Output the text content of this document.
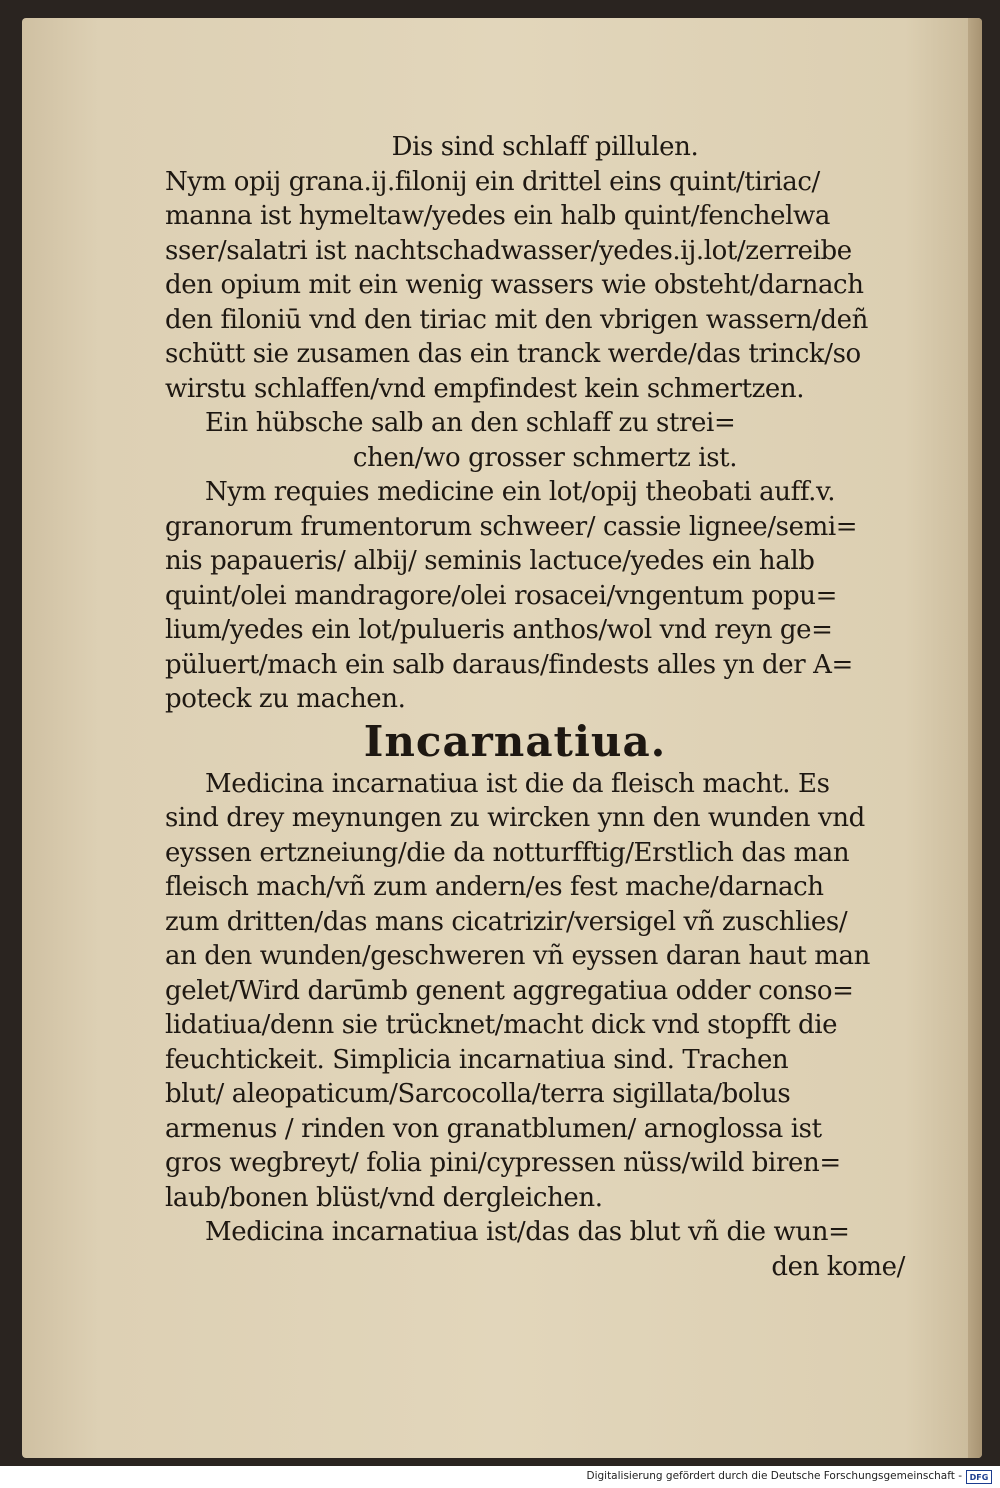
Dis sind schlaff pillulen.
Nym opij grana.ij.filonij ein drittel eins quint/tiriac/
manna ist hymeltaw/yedes ein halb quint/fenchelwa
sser/salatri ist nachtschadwasser/yedes.ij.lot/zerreibe
den opium mit ein wenig wassers wie obsteht/darnach
den filoniū vnd den tiriac mit den vbrigen wassern/deñ
schütt sie zusamen das ein tranck werde/das trinck/so
wirstu schlaffen/vnd empfindest kein schmertzen.
Ein hübsche salb an den schlaff zu strei=
chen/wo grosser schmertz ist.
Nym requies medicine ein lot/opij theobati auff.v.
granorum frumentorum schweer/ cassie lignee/semi=
nis papaueris/ albij/ seminis lactuce/yedes ein halb
quint/olei mandragore/olei rosacei/vngentum popu=
lium/yedes ein lot/pulueris anthos/wol vnd reyn ge=
püluert/mach ein salb daraus/findests alles yn der A=
poteck zu machen.
Incarnatiua.
Medicina incarnatiua ist die da fleisch macht. Es
sind drey meynungen zu wircken ynn den wunden vnd
eyssen ertzneiung/die da notturfftig/Erstlich das man
fleisch mach/vñ zum andern/es fest mache/darnach
zum dritten/das mans cicatrizir/versigel vñ zuschlies/
an den wunden/geschweren vñ eyssen daran haut man
gelet/Wird darūmb genent aggregatiua odder conso=
lidatiua/denn sie trücknet/macht dick vnd stopfft die
feuchtickeit. Simplicia incarnatiua sind. Trachen
blut/ aleopaticum/Sarcocolla/terra sigillata/bolus
armenus / rinden von granatblumen/ arnoglossa ist
gros wegbreyt/ folia pini/cypressen nüss/wild biren=
laub/bonen blüst/vnd dergleichen.
Medicina incarnatiua ist/das das blut vñ die wun=
den kome/
Digitalisierung gefördert durch die Deutsche Forschungsgemeinschaft - DFG
